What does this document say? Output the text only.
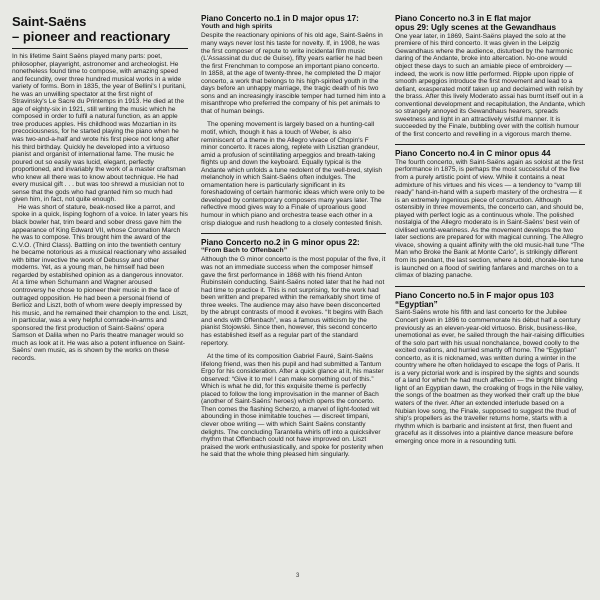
Saint-Saëns
– pioneer and reactionary

In his lifetime Saint Saëns played many parts: poet, philosopher, playwright, astronomer and archeologist. He nonetheless found time to compose, with amazing speed and fecundity, over three hundred musical works in a wide variety of forms. Born in 1835, the year of Bellini's I puritani, he was an unwilling spectator at the first night of Stravinsky's Le Sacre du Printemps in 1913. He died at the age of eighty-six in 1921, still writing the music which he composed in order to fulfil a natural function, as an apple tree produces apples. His childhood was Mozartian in its precociousness, for he started playing the piano when he was two-and-a-half and wrote his first piece not long after his third birthday. Quickly he developed into a virtuoso pianist and organist of international fame. The music he poured out so easily was lucid, elegant, perfectly proportioned, and invariably the work of a master craftsman who knew all there was to know about technique. He had every musical gift . . . but was too shrewd a musician not to sense that the gods who had granted him so much had given him, in fact, not quite enough.

He was short of stature, beak-nosed like a parrot, and spoke in a quick, lisping foghorn of a voice. In later years his black bowler hat, trim beard and sober dress gave him the appearance of King Edward VII, whose Coronation March he was to compose. This brought him the award of the C.V.O. (Third Class). Battling on into the twentieth century he became notorious as a musical reactionary who assailed with bitter invective the work of Debussy and other moderns. Yet, as a young man, he himself had been regarded by established opinion as a dangerous innovator. At a time when Schumann and Wagner aroused controversy he chose to pioneer their music in the face of outraged opposition. He had been a personal friend of Berlioz and Liszt, both of whom were deeply impressed by his music, and he remained their champion to the end. Liszt, in particular, was a very helpful comrade-in-arms and sponsored the first production of Saint-Saëns' opera Samson et Dalila when no Paris theatre manager would so much as look at it. He was also a potent influence on Saint-Saëns' own music, as is shown by the works on these records.

Piano Concerto no.1 in D major opus 17:
Youth and high spirits

Despite the reactionary opinions of his old age, Saint-Saëns in many ways never lost his taste for novelty. If, in 1908, he was the first composer of repute to write incidental film music (L'Assassinat du duc de Guise), fifty years earlier he had been the first Frenchman to compose an important piano concerto. In 1858, at the age of twenty-three, he completed the D major concerto, a work that belongs to his high-spirited youth in the days before an unhappy marriage, the tragic death of his two sons and an increasingly irascible temper had turned him into a misanthrope who preferred the company of his pet animals to that of human beings.

The opening movement is largely based on a hunting-call motif, which, though it has a touch of Weber, is also reminiscent of a theme in the Allegro vivace of Chopin's F minor concerto. It races along, replete with Lisztian grandeur, amid a profusion of scintillating arpeggios and breath-taking flights up and down the keyboard. Equally typical is the Andante which unfolds a tune redolent of the well-bred, stylish melancholy in which Saint-Saëns often indulges. The ornamentation here is particularly significant in its foreshadowing of certain harmonic ideas which were only to be developed by contemporary composers many years later. The reflective mood gives way to a Finale of uproarious good humour in which piano and orchestra tease each other in a crisp dialogue and rush headlong to a closely contested finish.

Piano Concerto no.2 in G minor opus 22:
“From Bach to Offenbach”

Although the G minor concerto is the most popular of the five, it was not an immediate success when the composer himself gave the first performance in 1868 with his friend Anton Rubinstein conducting. Saint-Saëns noted later that he had not had time to practice it. This is not surprising, for the work had been written and prepared within the remarkably short time of three weeks. The audience may also have been disconcerted by the abrupt contrasts of mood it evokes. “It begins with Bach and ends with Offenbach”, was a famous witticism by the pianist Stojowski. Since then, however, this second concerto has established itself as a regular part of the standard repertory.

At the time of its composition Gabriel Fauré, Saint-Saëns lifelong friend, was then his pupil and had submitted a Tantum Ergo for his consideration. After a quick glance at it, his master observed: “Give it to me! I can make something out of this.” Which is what he did, for this exquisite theme is perfectly placed to follow the long improvisation in the manner of Bach (another of Saint-Saëns' heroes) which opens the concerto. Then comes the flashing Scherzo, a marvel of light-footed wit abounding in those inimitable touches — discreet timpani, clever oboe writing — with which Saint Saëns constantly delights. The concluding Tarantella whirls off into a quicksilver rhythm that Offenbach could not have improved on. Liszt praised the work enthusiastically, and spoke for posterity when he said that the whole thing pleased him singularly.

Piano Concerto no.3 in E flat major
opus 29: Ugly scenes at the Gewandhaus

One year later, in 1869, Saint-Saëns played the solo at the premiere of his third concerto. It was given in the Leipzig Gewandhaus where the audience, disturbed by the harmonic daring of the Andante, broke into altercation. No-one would object these days to such an amiable piece of embroidery — indeed, the work is now little performed. Ripple upon ripple of smooth arpeggios introduce the first movement and lead to a defiant, exasperated motif taken up and declaimed with relish by the brass. After this lively Moderato assai has burnt itself out in a conventional development and recapitulation, the Andante, which so strangely annoyed its Gewandhaus hearers, spreads sweetness and light in an attractively wistful manner. It is succeeded by the Finale, bubbling over with the coltish humour of the first concerto and revelling in a vigorous march theme.

Piano Concerto no.4 in C minor opus 44

The fourth concerto, with Saint-Saëns again as soloist at the first performance in 1875, is perhaps the most successful of the five from a purely artistic point of view. While it contains a neat admixture of his virtues and his vices — a tendency to “vamp till ready” hand-in-hand with a superb mastery of the orchestra — it is an extremely ingenious piece of construction. Although ostensibly in three movements, the concerto can, and should be, played with perfect logic as a continuous whole. The polished nostalgia of the Allegro moderato is in Saint-Saëns' best vein of civilised world-weariness. As the movement develops the two later sections are prepared for with magical cunning. The Allegro vivace, showing a quaint affinity with the old music-hall tune “The Man who Broke the Bank at Monte Carlo”, is strikingly different from its pendant, the last section, where a bold, chorale-like tune is launched on a flood of swirling fanfares and marches on to a climax of blazing panache.

Piano Concerto no.5 in F major opus 103
“Egyptian”

Saint-Saëns wrote his fifth and last concerto for the Jubilee Concert given in 1896 to commemorate his début half a century previously as an eleven-year-old virtuoso. Brisk, business-like, unemotional as ever, he sailed through the hair-raising difficulties of the solo part with his usual nonchalance, bowed coolly to the excited ovations, and hurried smartly off home. The “Egyptian” concerto, as it is nicknamed, was written during a winter in the country where he often holidayed to escape the fogs of Paris. It is a very pictorial work and is inspired by the sights and sounds of a land for which he had much affection — the bright blinding light of an Egyptian dawn, the croaking of frogs in the Nile valley, the songs of the boatmen as they worked their craft up the blue waters of the river. After an extended interlude based on a Nubian love song, the Finale, supposed to suggest the thud of ship's propellers as the traveller returns home, starts with a rhythm which is barbaric and insistent at first, then fluent and graceful as it dissolves into a plaintive dance measure before emerging once more in a resounding tutti.

3
